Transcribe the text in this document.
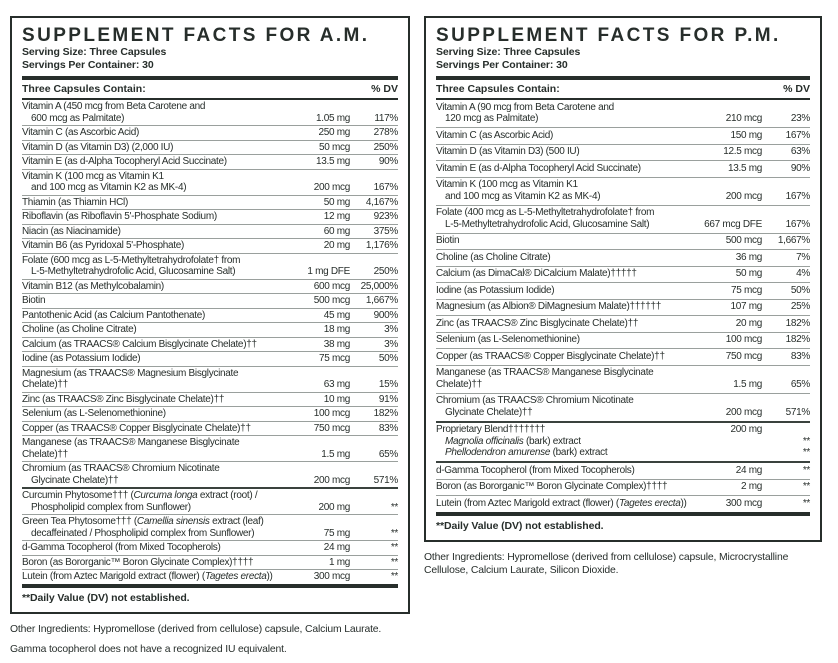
SUPPLEMENT FACTS FOR A.M.
Serving Size: Three Capsules
Servings Per Container: 30
Three Capsules Contain:	% DV
Vitamin A (450 mcg from Beta Carotene and
600 mcg as Palmitate)	1.05 mg	117%
Vitamin C (as Ascorbic Acid)	250 mg	278%
Vitamin D (as Vitamin D3) (2,000 IU)	50 mcg	250%
Vitamin E (as d-Alpha Tocopheryl Acid Succinate)	13.5 mg	90%
Vitamin K (100 mcg as Vitamin K1
and 100 mcg as Vitamin K2 as MK-4)	200 mcg	167%
Thiamin (as Thiamin HCl)	50 mg	4,167%
Riboflavin (as Riboflavin 5'-Phosphate Sodium)	12 mg	923%
Niacin (as Niacinamide)	60 mg	375%
Vitamin B6 (as Pyridoxal 5'-Phosphate)	20 mg	1,176%
Folate (600 mcg as L-5-Methyltetrahydrofolate† from
L-5-Methyltetrahydrofolic Acid, Glucosamine Salt)	1 mg DFE	250%
Vitamin B12 (as Methylcobalamin)	600 mcg	25,000%
Biotin	500 mcg	1,667%
Pantothenic Acid (as Calcium Pantothenate)	45 mg	900%
Choline (as Choline Citrate)	18 mg	3%
Calcium (as TRAACS® Calcium Bisglycinate Chelate)††	38 mg	3%
Iodine (as Potassium Iodide)	75 mcg	50%
Magnesium (as TRAACS® Magnesium Bisglycinate Chelate)††	63 mg	15%
Zinc (as TRAACS® Zinc Bisglycinate Chelate)††	10 mg	91%
Selenium (as L-Selenomethionine)	100 mcg	182%
Copper (as TRAACS® Copper Bisglycinate Chelate)††	750 mcg	83%
Manganese (as TRAACS® Manganese Bisglycinate Chelate)††	1.5 mg	65%
Chromium (as TRAACS® Chromium Nicotinate
Glycinate Chelate)††	200 mcg	571%
Curcumin Phytosome††† (Curcuma longa extract (root) /
Phospholipid complex from Sunflower)	200 mg	**
Green Tea Phytosome††† (Camellia sinensis extract (leaf)
decaffeinated / Phospholipid complex from Sunflower)	75 mg	**
d-Gamma Tocopherol (from Mixed Tocopherols)	24 mg	**
Boron (as Bororganic™ Boron Glycinate Complex)††††	1 mg	**
Lutein (from Aztec Marigold extract (flower) (Tagetes erecta))	300 mcg	**
**Daily Value (DV) not established.

Other Ingredients: Hypromellose (derived from cellulose) capsule, Calcium Laurate.

Gamma tocopherol does not have a recognized IU equivalent.

SUPPLEMENT FACTS FOR P.M.
Serving Size: Three Capsules
Servings Per Container: 30
Three Capsules Contain:	% DV
Vitamin A (90 mcg from Beta Carotene and
120 mcg as Palmitate)	210 mcg	23%
Vitamin C (as Ascorbic Acid)	150 mg	167%
Vitamin D (as Vitamin D3) (500 IU)	12.5 mcg	63%
Vitamin E (as d-Alpha Tocopheryl Acid Succinate)	13.5 mg	90%
Vitamin K (100 mcg as Vitamin K1
and 100 mcg as Vitamin K2 as MK-4)	200 mcg	167%
Folate (400 mcg as L-5-Methyltetrahydrofolate† from
L-5-Methyltetrahydrofolic Acid, Glucosamine Salt)	667 mcg DFE	167%
Biotin	500 mcg	1,667%
Choline (as Choline Citrate)	36 mg	7%
Calcium (as DimaCal® DiCalcium Malate)†††††	50 mg	4%
Iodine (as Potassium Iodide)	75 mcg	50%
Magnesium (as Albion® DiMagnesium Malate)††††††	107 mg	25%
Zinc (as TRAACS® Zinc Bisglycinate Chelate)††	20 mg	182%
Selenium (as L-Selenomethionine)	100 mcg	182%
Copper (as TRAACS® Copper Bisglycinate Chelate)††	750 mcg	83%
Manganese (as TRAACS® Manganese Bisglycinate Chelate)††	1.5 mg	65%
Chromium (as TRAACS® Chromium Nicotinate
Glycinate Chelate)††	200 mcg	571%
Proprietary Blend†††††††	200 mg
Magnolia officinalis (bark) extract	**
Phellodendron amurense (bark) extract	**
d-Gamma Tocopherol (from Mixed Tocopherols)	24 mg	**
Boron (as Bororganic™ Boron Glycinate Complex)††††	2 mg	**
Lutein (from Aztec Marigold extract (flower) (Tagetes erecta))	300 mcg	**
**Daily Value (DV) not established.

Other Ingredients: Hypromellose (derived from cellulose) capsule, Microcrystalline Cellulose, Calcium Laurate, Silicon Dioxide.
